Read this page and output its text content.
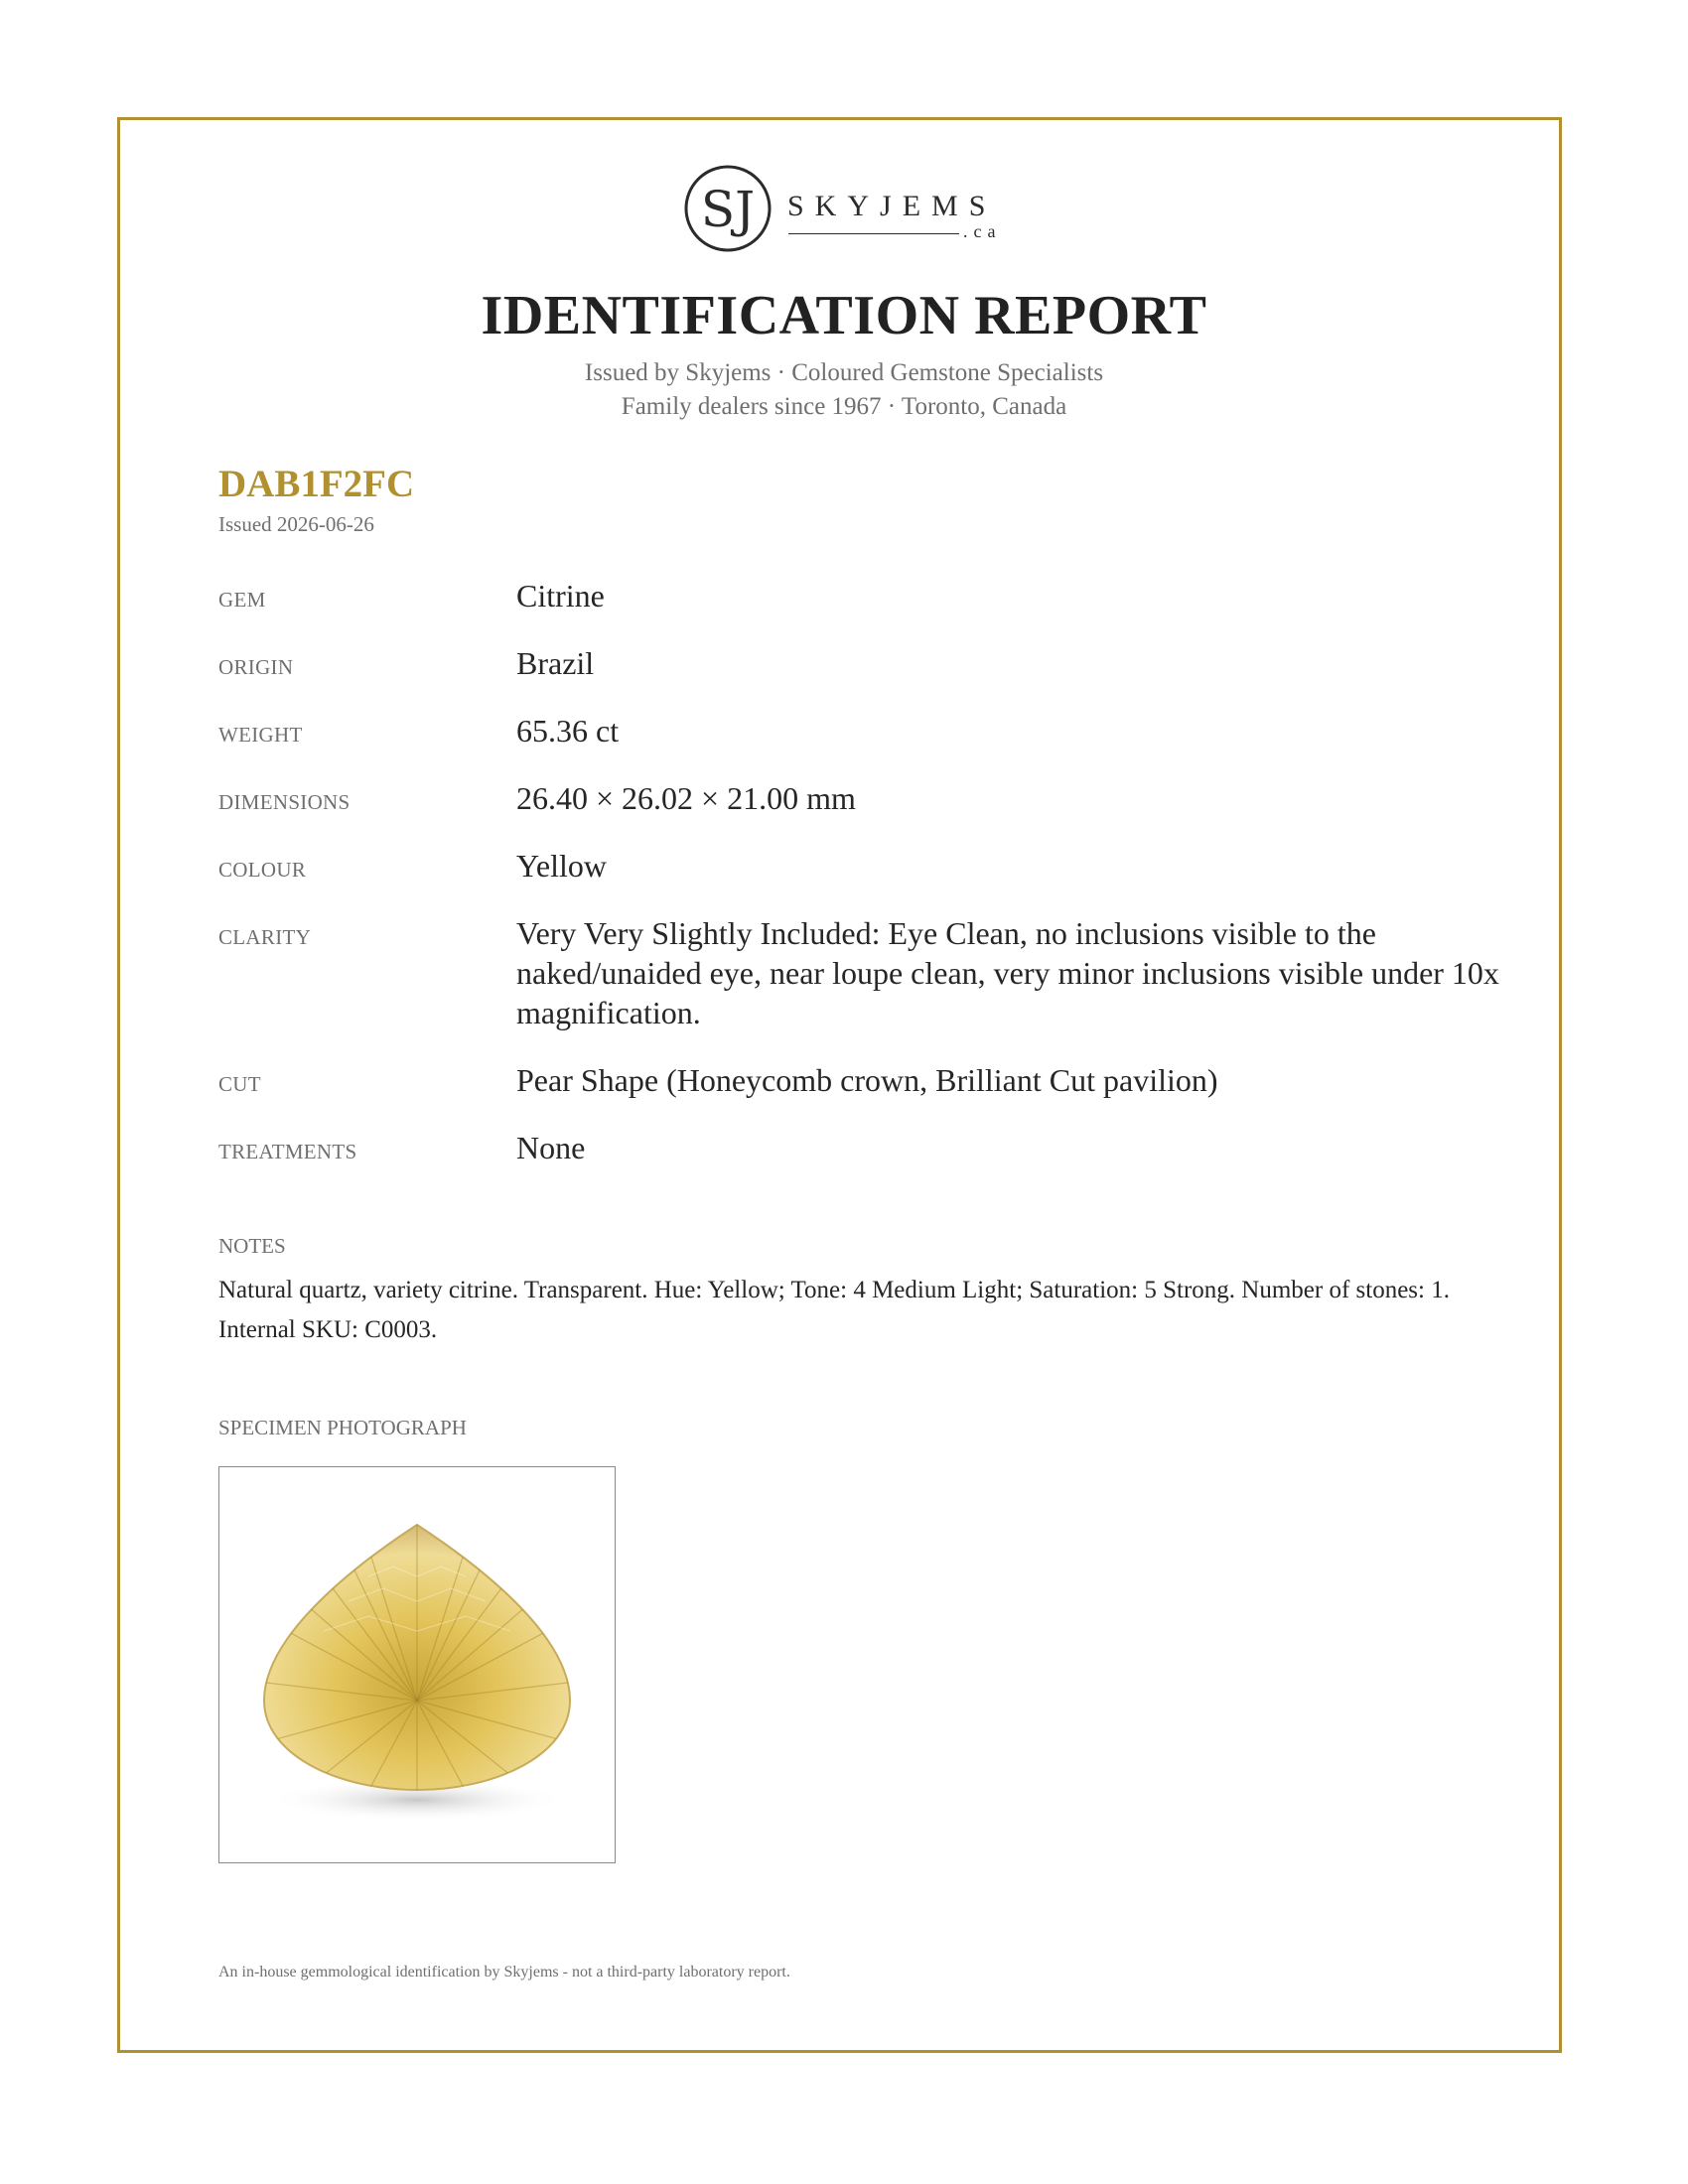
SJ SKYJEMS
.ca
IDENTIFICATION REPORT
Issued by Skyjems · Coloured Gemstone Specialists
Family dealers since 1967 · Toronto, Canada
DAB1F2FC
Issued 2026-06-26
GEM	Citrine
ORIGIN	Brazil
WEIGHT	65.36 ct
DIMENSIONS	26.40 × 26.02 × 21.00 mm
COLOUR	Yellow
CLARITY	Very Very Slightly Included: Eye Clean, no inclusions visible to the naked/unaided eye, near loupe clean, very minor inclusions visible under 10x magnification.
CUT	Pear Shape (Honeycomb crown, Brilliant Cut pavilion)
TREATMENTS	None
NOTES
Natural quartz, variety citrine. Transparent. Hue: Yellow; Tone: 4 Medium Light; Saturation: 5 Strong. Number of stones: 1. Internal SKU: C0003.
SPECIMEN PHOTOGRAPH
An in-house gemmological identification by Skyjems - not a third-party laboratory report.
